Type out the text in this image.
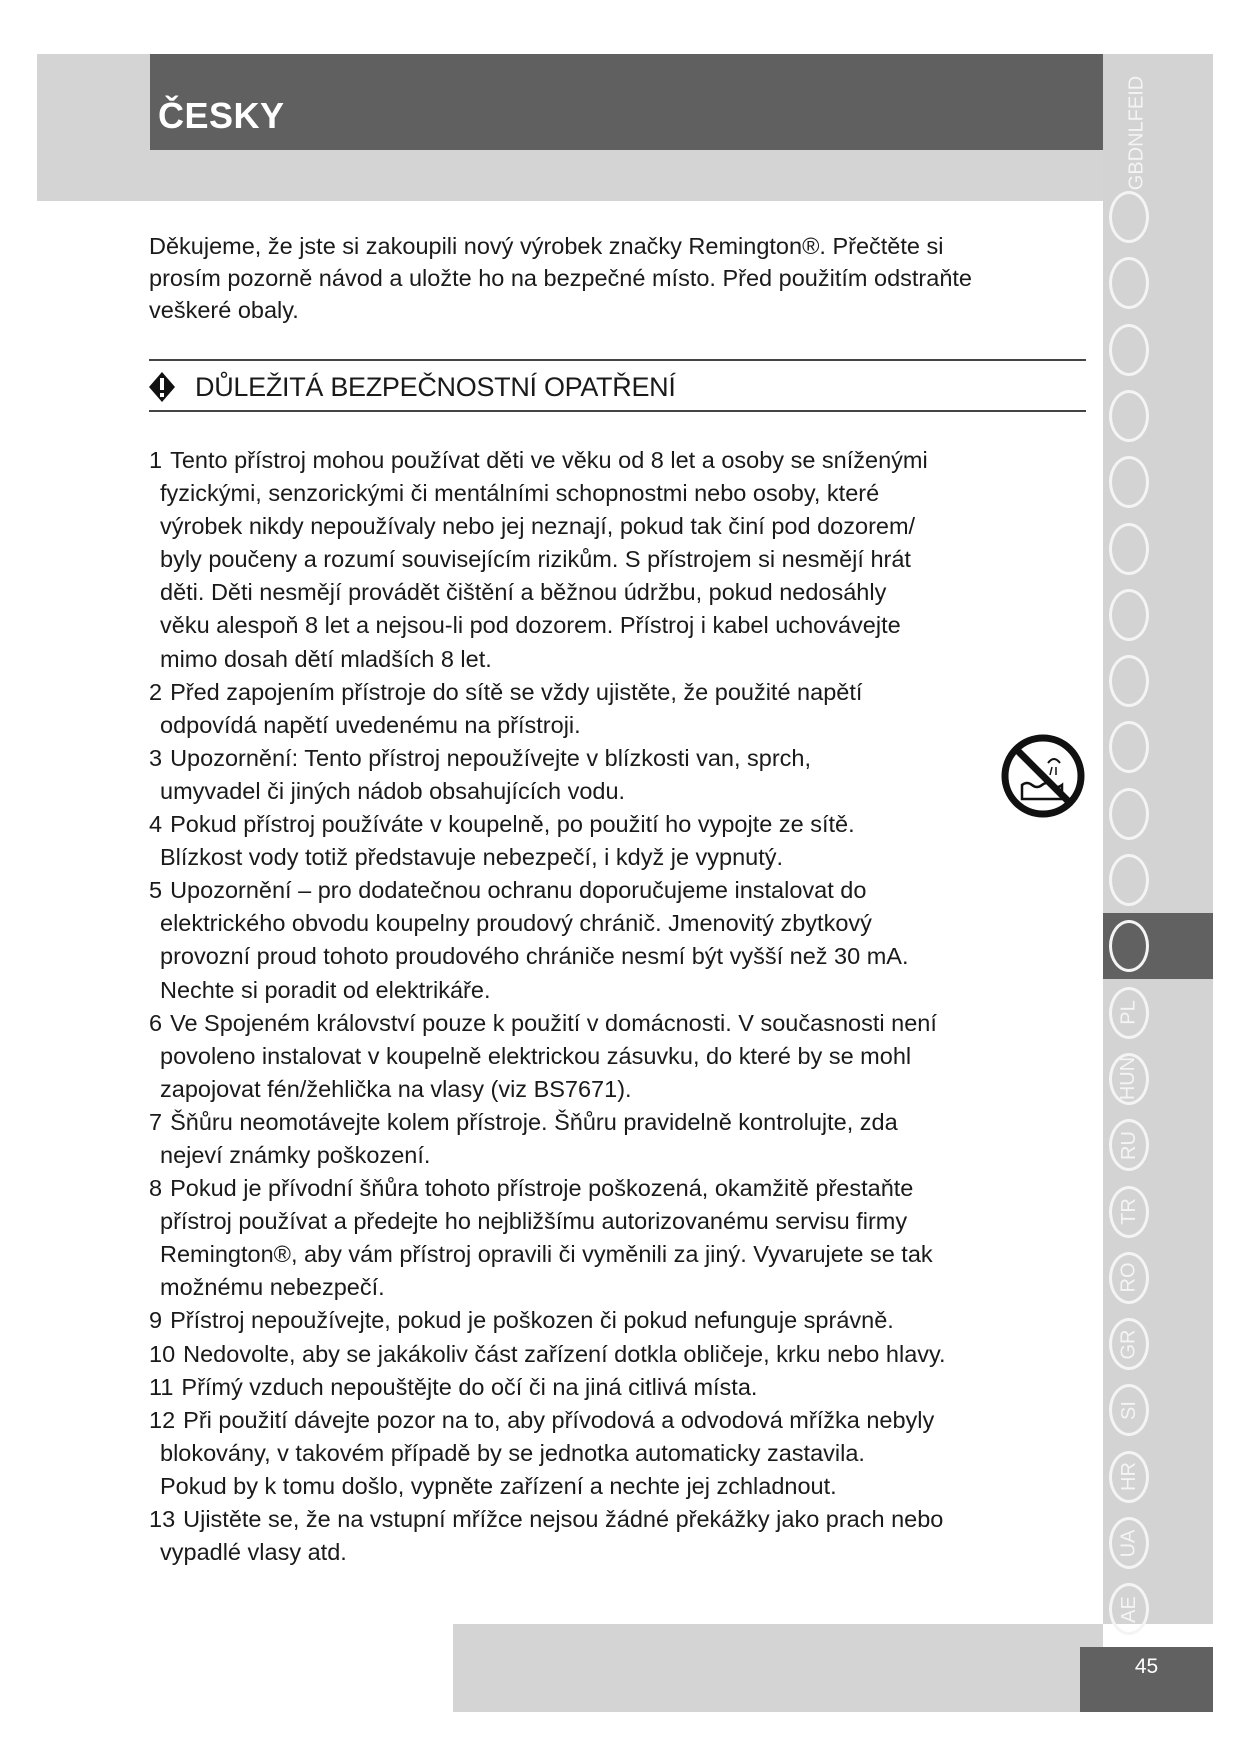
ČESKY
Děkujeme, že jste si zakoupili nový výrobek značky Remington®. Přečtěte si
prosím pozorně návod a uložte ho na bezpečné místo. Před použitím odstraňte
veškeré obaly.
DŮLEŽITÁ BEZPEČNOSTNÍ OPATŘENÍ
1 Tento přístroj mohou používat děti ve věku od 8 let a osoby se sníženými
fyzickými, senzorickými či mentálními schopnostmi nebo osoby, které
výrobek nikdy nepoužívaly nebo jej neznají, pokud tak činí pod dozorem/
byly poučeny a rozumí souvisejícím rizikům. S přístrojem si nesmějí hrát
děti. Děti nesmějí provádět čištění a běžnou údržbu, pokud nedosáhly
věku alespoň 8 let a nejsou-li pod dozorem. Přístroj i kabel uchovávejte
mimo dosah dětí mladších 8 let.
2 Před zapojením přístroje do sítě se vždy ujistěte, že použité napětí
odpovídá napětí uvedenému na přístroji.
3 Upozornění: Tento přístroj nepoužívejte v blízkosti van, sprch,
umyvadel či jiných nádob obsahujících vodu.
4 Pokud přístroj používáte v koupelně, po použití ho vypojte ze sítě.
Blízkost vody totiž představuje nebezpečí, i když je vypnutý.
5 Upozornění – pro dodatečnou ochranu doporučujeme instalovat do
elektrického obvodu koupelny proudový chránič. Jmenovitý zbytkový
provozní proud tohoto proudového chrániče nesmí být vyšší než 30 mA.
Nechte si poradit od elektrikáře.
6 Ve Spojeném království pouze k použití v domácnosti. V současnosti není
povoleno instalovat v koupelně elektrickou zásuvku, do které by se mohl
zapojovat fén/žehlička na vlasy (viz BS7671).
7 Šňůru neomotávejte kolem přístroje. Šňůru pravidelně kontrolujte, zda
nejeví známky poškození.
8 Pokud je přívodní šňůra tohoto přístroje poškozená, okamžitě přestaňte
přístroj používat a předejte ho nejbližšímu autorizovanému servisu firmy
Remington®, aby vám přístroj opravili či vyměnili za jiný. Vyvarujete se tak
možnému nebezpečí.
9 Přístroj nepoužívejte, pokud je poškozen či pokud nefunguje správně.
10 Nedovolte, aby se jakákoliv část zařízení dotkla obličeje, krku nebo hlavy.
11 Přímý vzduch nepouštějte do očí či na jiná citlivá místa.
12 Při použití dávejte pozor na to, aby přívodová a odvodová mřížka nebyly
blokovány, v takovém případě by se jednotka automaticky zastavila.
Pokud by k tomu došlo, vypněte zařízení a nechte jej zchladnout.
13 Ujistěte se, že na vstupní mřížce nejsou žádné překážky jako prach nebo
vypadlé vlasy atd.
PL
HUN
RU
TR
RO
GR
SI
HR
UA
AE
GBDNLFEID
45
